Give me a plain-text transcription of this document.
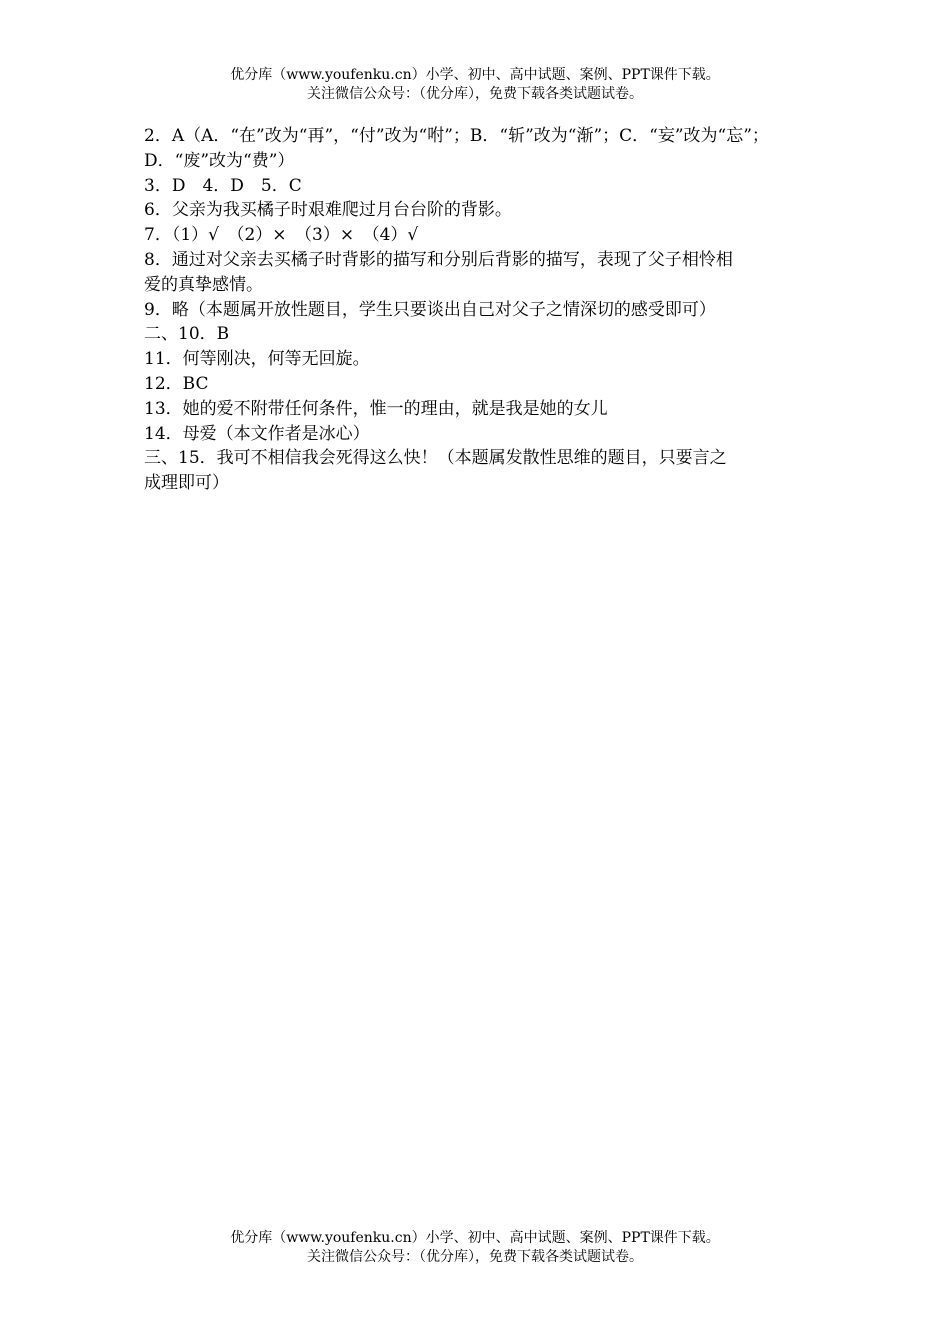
优分库（www.youfenku.cn）小学、初中、高中试题、案例、PPT课件下载。
关注微信公众号：（优分库），免费下载各类试题试卷。
2．A（A．“在”改为“再”，“付”改为“咐”；B．“斩”改为“渐”；C．“妄”改为“忘”；
D．“废”改为“费”）
3．D　4．D　5．C
6．父亲为我买橘子时艰难爬过月台台阶的背影。
7．（1）√　（2）×　（3）×　（4）√
8．通过对父亲去买橘子时背影的描写和分别后背影的描写，表现了父子相怜相
爱的真挚感情。
9．略（本题属开放性题目，学生只要谈出自己对父子之情深切的感受即可）
二、10．B
11．何等刚决，何等无回旋。
12．BC
13．她的爱不附带任何条件，惟一的理由，就是我是她的女儿
14．母爱（本文作者是冰心）
三、15．我可不相信我会死得这么快！（本题属发散性思维的题目，只要言之
成理即可）
优分库（www.youfenku.cn）小学、初中、高中试题、案例、PPT课件下载。
关注微信公众号：（优分库），免费下载各类试题试卷。
